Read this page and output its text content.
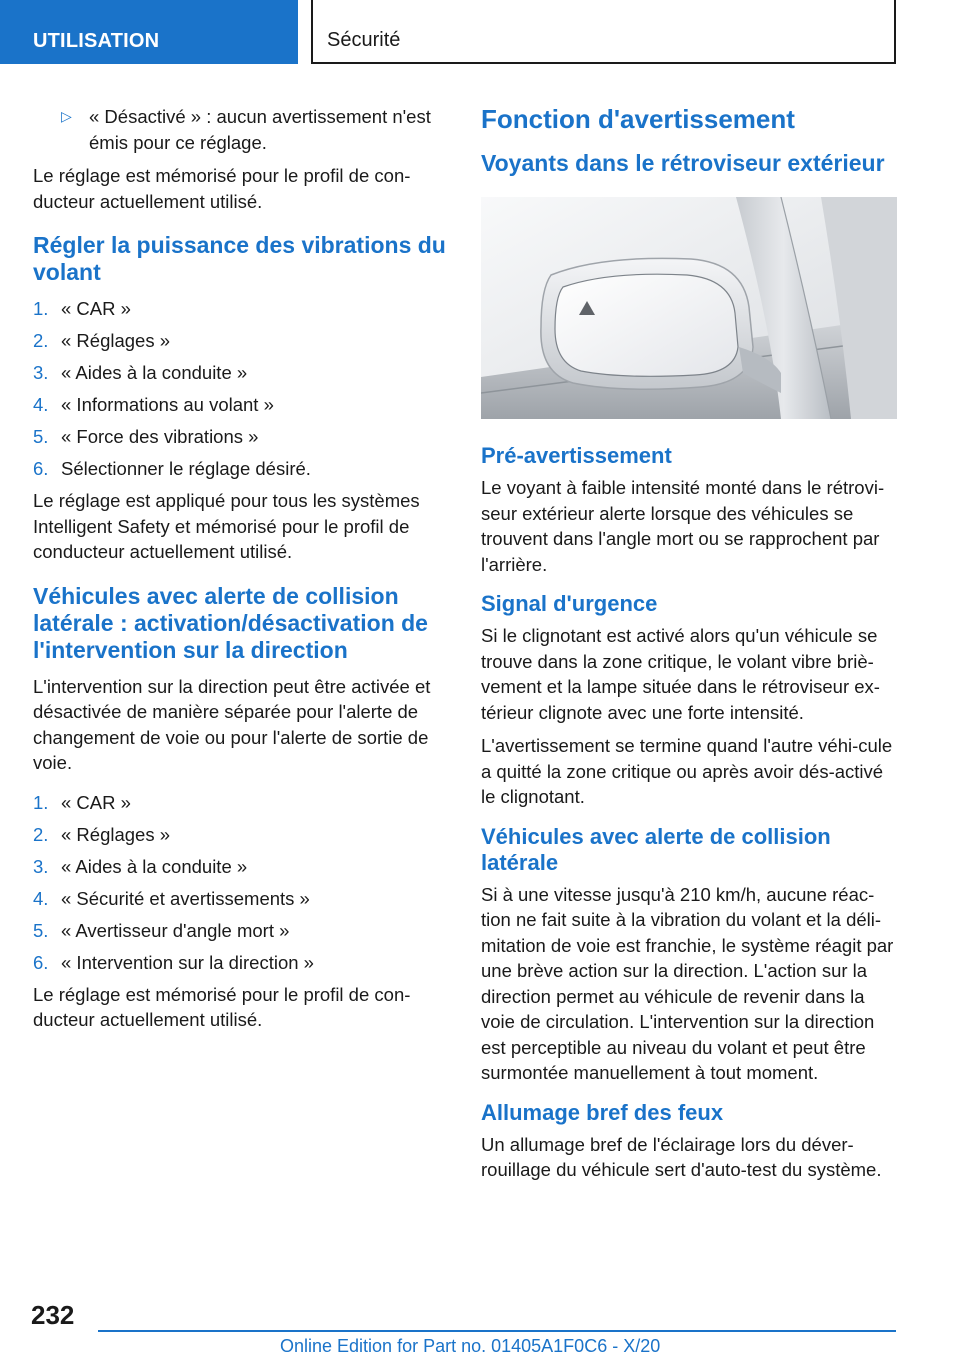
UTILISATION	Sécurité
▷ « Désactivé » : aucun avertissement n'est émis pour ce réglage.

Le réglage est mémorisé pour le profil de con‐ducteur actuellement utilisé.

Régler la puissance des vibrations du volant
1. « CAR »
2. « Réglages »
3. « Aides à la conduite »
4. « Informations au volant »
5. « Force des vibrations »
6. Sélectionner le réglage désiré.

Le réglage est appliqué pour tous les systèmes Intelligent Safety et mémorisé pour le profil de conducteur actuellement utilisé.

Véhicules avec alerte de collision latérale : activation/désactivation de l'intervention sur la direction

L'intervention sur la direction peut être activée et désactivée de manière séparée pour l'alerte de changement de voie ou pour l'alerte de sortie de voie.

1. « CAR »
2. « Réglages »
3. « Aides à la conduite »
4. « Sécurité et avertissements »
5. « Avertisseur d'angle mort »
6. « Intervention sur la direction »

Le réglage est mémorisé pour le profil de con‐ducteur actuellement utilisé.

Fonction d'avertissement
Voyants dans le rétroviseur extérieur
Pré-avertissement

Le voyant à faible intensité monté dans le rétrovi‐seur extérieur alerte lorsque des véhicules se trouvent dans l'angle mort ou se rapprochent par l'arrière.

Signal d'urgence

Si le clignotant est activé alors qu'un véhicule se trouve dans la zone critique, le volant vibre briè‐vement et la lampe située dans le rétroviseur ex‐térieur clignote avec une forte intensité.

L'avertissement se termine quand l'autre véhi‐cule a quitté la zone critique ou après avoir dés‐activé le clignotant.

Véhicules avec alerte de collision latérale

Si à une vitesse jusqu'à 210 km/h, aucune réac‐tion ne fait suite à la vibration du volant et la déli‐mitation de voie est franchie, le système réagit par une brève action sur la direction. L'action sur la direction permet au véhicule de revenir dans la voie de circulation. L'intervention sur la direction est perceptible au niveau du volant et peut être surmontée manuellement à tout moment.

Allumage bref des feux

Un allumage bref de l'éclairage lors du déver‐rouillage du véhicule sert d'auto-test du système.

232
Online Edition for Part no. 01405A1F0C6 - X/20
